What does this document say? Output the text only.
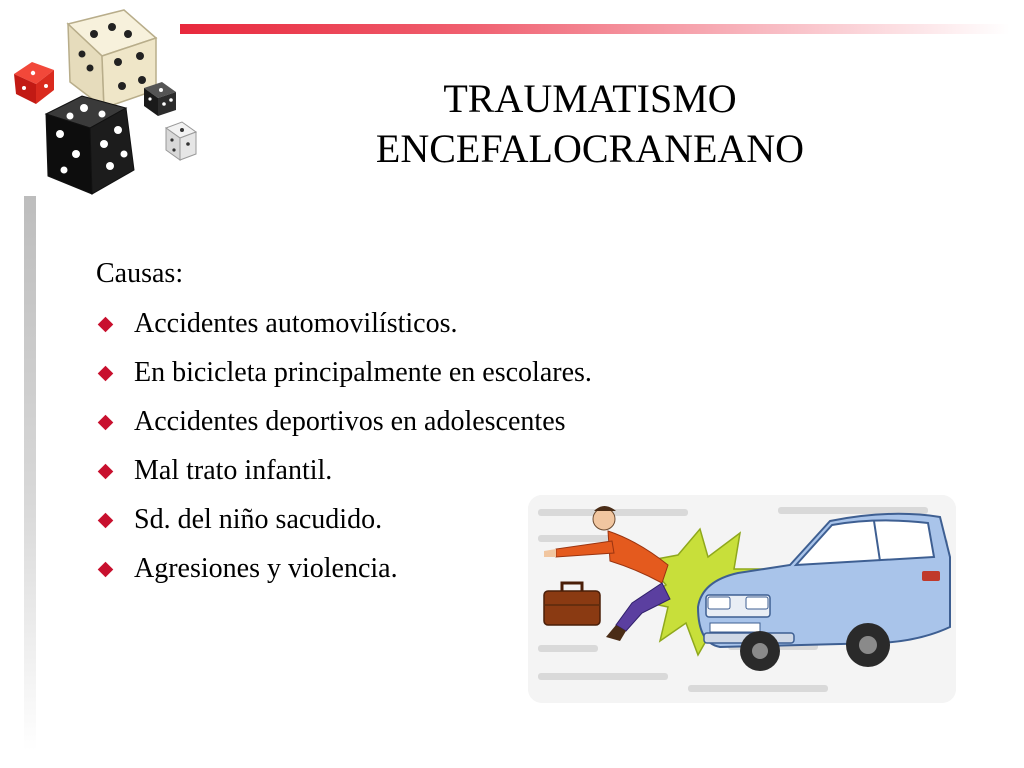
TRAUMATISMO
ENCEFALOCRANEANO
Causas:
Accidentes automovilísticos.
En bicicleta principalmente en escolares.
Accidentes deportivos en adolescentes
Mal trato infantil.
Sd. del niño sacudido.
Agresiones y violencia.
